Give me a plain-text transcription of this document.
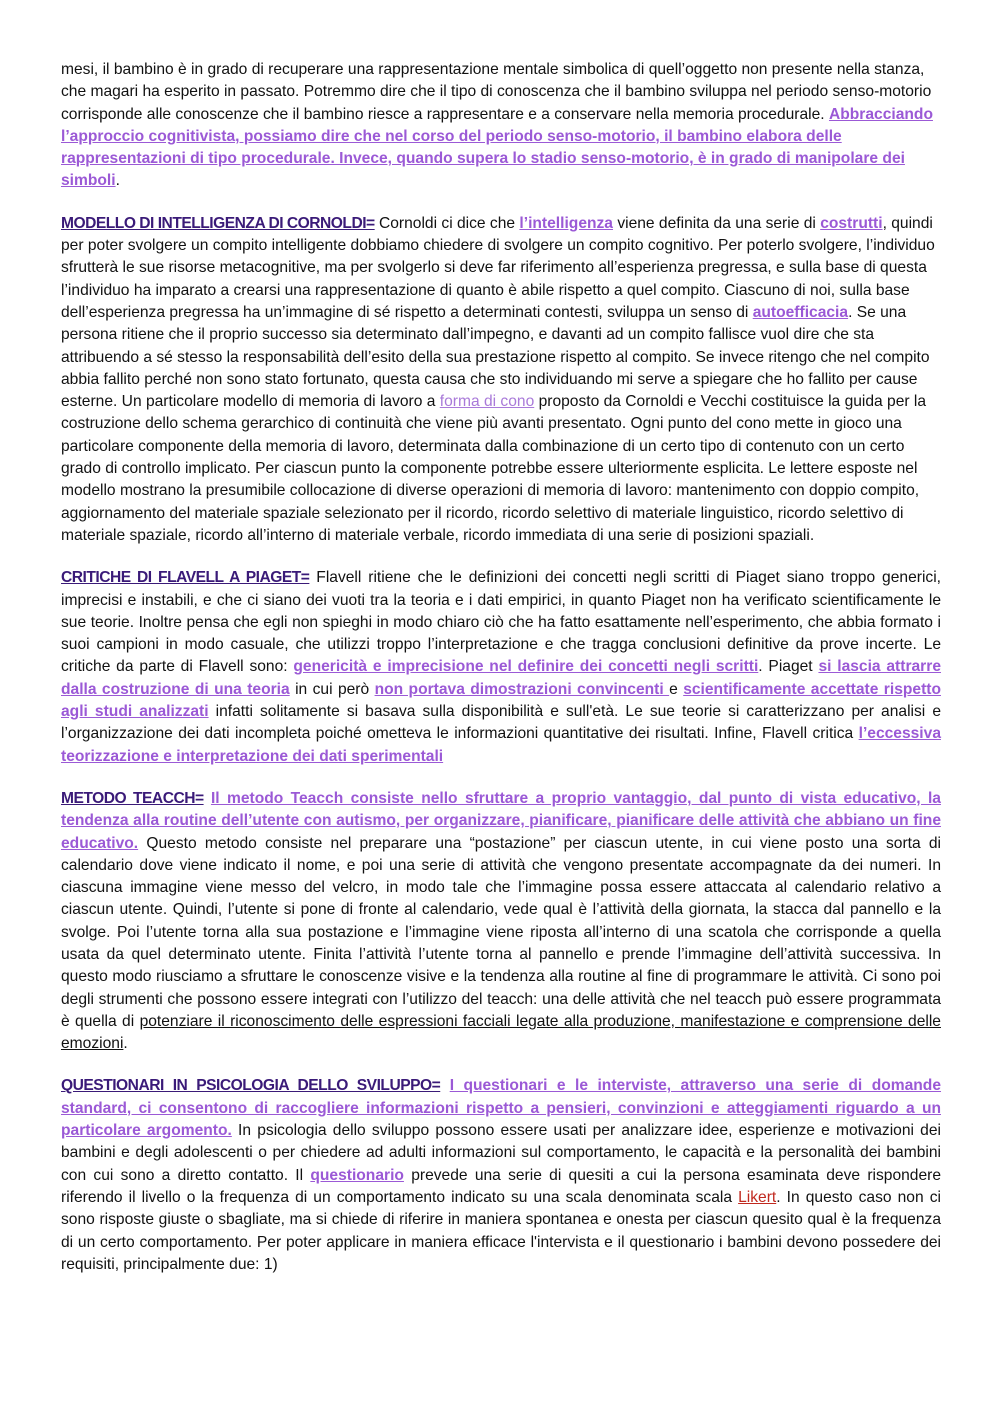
mesi, il bambino è in grado di recuperare una rappresentazione mentale simbolica di quell’oggetto non presente nella stanza, che magari ha esperito in passato. Potremmo dire che il tipo di conoscenza che il bambino sviluppa nel periodo senso-motorio corrisponde alle conoscenze che il bambino riesce a rappresentare e a conservare nella memoria procedurale. Abbracciando l’approccio cognitivista, possiamo dire che nel corso del periodo senso-motorio, il bambino elabora delle rappresentazioni di tipo procedurale. Invece, quando supera lo stadio senso-motorio, è in grado di manipolare dei simboli.

MODELLO DI INTELLIGENZA DI CORNOLDI= Cornoldi ci dice che l’intelligenza viene definita da una serie di costrutti, quindi per poter svolgere un compito intelligente dobbiamo chiedere di svolgere un compito cognitivo. Per poterlo svolgere, l’individuo sfrutterà le sue risorse metacognitive, ma per svolgerlo si deve far riferimento all’esperienza pregressa, e sulla base di questa l’individuo ha imparato a crearsi una rappresentazione di quanto è abile rispetto a quel compito. Ciascuno di noi, sulla base dell’esperienza pregressa ha un’immagine di sé rispetto a determinati contesti, sviluppa un senso di autoefficacia. Se una persona ritiene che il proprio successo sia determinato dall’impegno, e davanti ad un compito fallisce vuol dire che sta attribuendo a sé stesso la responsabilità dell’esito della sua prestazione rispetto al compito. Se invece ritengo che nel compito abbia fallito perché non sono stato fortunato, questa causa che sto individuando mi serve a spiegare che ho fallito per cause esterne. Un particolare modello di memoria di lavoro a forma di cono proposto da Cornoldi e Vecchi costituisce la guida per la costruzione dello schema gerarchico di continuità che viene più avanti presentato. Ogni punto del cono mette in gioco una particolare componente della memoria di lavoro, determinata dalla combinazione di un certo tipo di contenuto con un certo grado di controllo implicato. Per ciascun punto la componente potrebbe essere ulteriormente esplicita. Le lettere esposte nel modello mostrano la presumibile collocazione di diverse operazioni di memoria di lavoro: mantenimento con doppio compito, aggiornamento del materiale spaziale selezionato per il ricordo, ricordo selettivo di materiale linguistico, ricordo selettivo di materiale spaziale, ricordo all’interno di materiale verbale, ricordo immediata di una serie di posizioni spaziali.

CRITICHE DI FLAVELL A PIAGET= Flavell ritiene che le definizioni dei concetti negli scritti di Piaget siano troppo generici, imprecisi e instabili, e che ci siano dei vuoti tra la teoria e i dati empirici, in quanto Piaget non ha verificato scientificamente le sue teorie. Inoltre pensa che egli non spieghi in modo chiaro ciò che ha fatto esattamente nell’esperimento, che abbia formato i suoi campioni in modo casuale, che utilizzi troppo l’interpretazione e che tragga conclusioni definitive da prove incerte. Le critiche da parte di Flavell sono: genericità e imprecisione nel definire dei concetti negli scritti. Piaget si lascia attrarre dalla costruzione di una teoria in cui però non portava dimostrazioni convincenti e scientificamente accettate rispetto agli studi analizzati infatti solitamente si basava sulla disponibilità e sull'età. Le sue teorie si caratterizzano per analisi e l’organizzazione dei dati incompleta poiché ometteva le informazioni quantitative dei risultati. Infine, Flavell critica l’eccessiva teorizzazione e interpretazione dei dati sperimentali

METODO TEACCH= Il metodo Teacch consiste nello sfruttare a proprio vantaggio, dal punto di vista educativo, la tendenza alla routine dell’utente con autismo, per organizzare, pianificare, pianificare delle attività che abbiano un fine educativo. Questo metodo consiste nel preparare una “postazione” per ciascun utente, in cui viene posto una sorta di calendario dove viene indicato il nome, e poi una serie di attività che vengono presentate accompagnate da dei numeri. In ciascuna immagine viene messo del velcro, in modo tale che l’immagine possa essere attaccata al calendario relativo a ciascun utente. Quindi, l’utente si pone di fronte al calendario, vede qual è l’attività della giornata, la stacca dal pannello e la svolge. Poi l’utente torna alla sua postazione e l’immagine viene riposta all’interno di una scatola che corrisponde a quella usata da quel determinato utente. Finita l’attività l’utente torna al pannello e prende l’immagine dell’attività successiva. In questo modo riusciamo a sfruttare le conoscenze visive e la tendenza alla routine al fine di programmare le attività. Ci sono poi degli strumenti che possono essere integrati con l’utilizzo del teacch: una delle attività che nel teacch può essere programmata è quella di potenziare il riconoscimento delle espressioni facciali legate alla produzione, manifestazione e comprensione delle emozioni.

QUESTIONARI IN PSICOLOGIA DELLO SVILUPPO= I questionari e le interviste, attraverso una serie di domande standard, ci consentono di raccogliere informazioni rispetto a pensieri, convinzioni e atteggiamenti riguardo a un particolare argomento. In psicologia dello sviluppo possono essere usati per analizzare idee, esperienze e motivazioni dei bambini e degli adolescenti o per chiedere ad adulti informazioni sul comportamento, le capacità e la personalità dei bambini con cui sono a diretto contatto. Il questionario prevede una serie di quesiti a cui la persona esaminata deve rispondere riferendo il livello o la frequenza di un comportamento indicato su una scala denominata scala Likert. In questo caso non ci sono risposte giuste o sbagliate, ma si chiede di riferire in maniera spontanea e onesta per ciascun quesito qual è la frequenza di un certo comportamento. Per poter applicare in maniera efficace l'intervista e il questionario i bambini devono possedere dei requisiti, principalmente due: 1)
